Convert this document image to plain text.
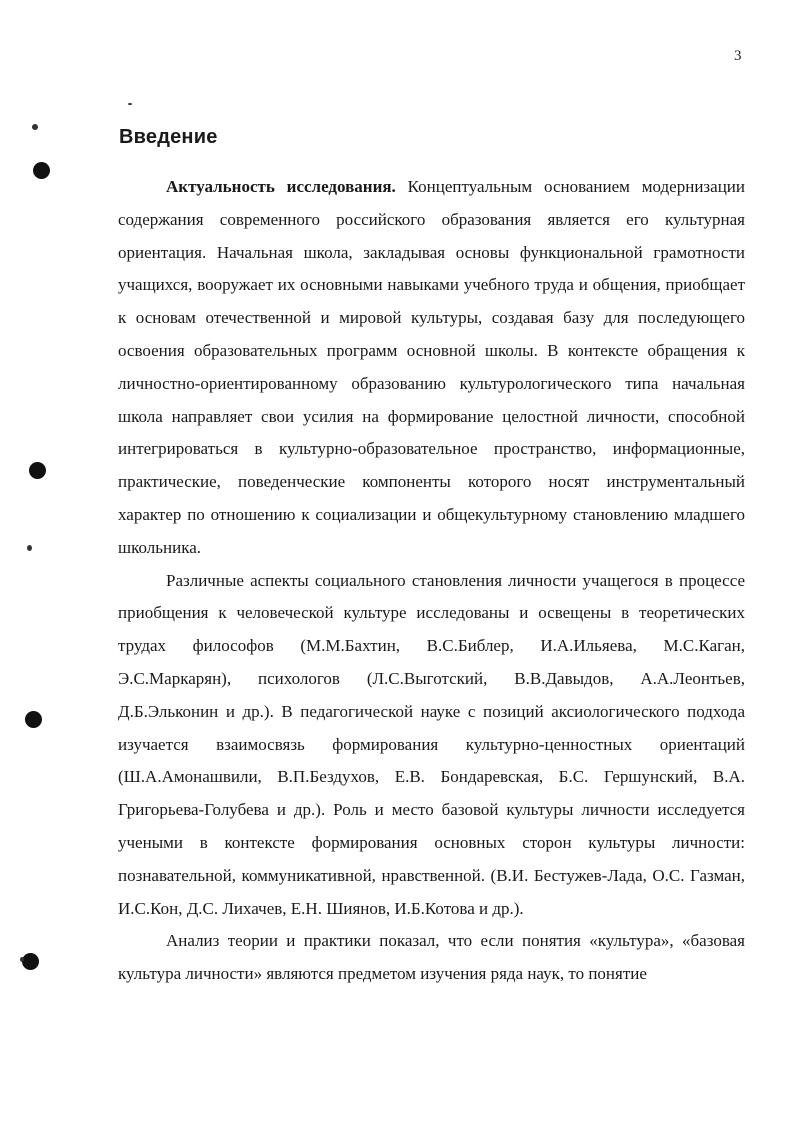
3
Введение

Актуальность исследования. Концептуальным основанием модернизации содержания современного российского образования является его культурная ориентация. Начальная школа, закладывая основы функциональной грамотности учащихся, вооружает их основными навыками учебного труда и общения, приобщает к основам отечественной и мировой культуры, создавая базу для последующего освоения образовательных программ основной школы. В контексте обращения к личностно-ориентированному образованию культурологического типа начальная школа направляет свои усилия на формирование целостной личности, способной интегрироваться в культурно-образовательное пространство, информационные, практические, поведенческие компоненты которого носят инструментальный характер по отношению к социализации и общекультурному становлению младшего школьника.

Различные аспекты социального становления личности учащегося в процессе приобщения к человеческой культуре исследованы и освещены в теоретических трудах философов (М.М.Бахтин, В.С.Библер, И.А.Ильяева, М.С.Каган, Э.С.Маркарян), психологов (Л.С.Выготский, В.В.Давыдов, А.А.Леонтьев, Д.Б.Эльконин и др.). В педагогической науке с позиций аксиологического подхода изучается взаимосвязь формирования культурно-ценностных ориентаций (Ш.А.Амонашвили, В.П.Бездухов, Е.В. Бондаревская, Б.С. Гершунский, В.А. Григорьева-Голубева и др.). Роль и место базовой культуры личности исследуется учеными в контексте формирования основных сторон культуры личности: познавательной, коммуникативной, нравственной. (В.И. Бестужев-Лада, О.С. Газман, И.С.Кон, Д.С. Лихачев, Е.Н. Шиянов, И.Б.Котова и др.).

Анализ теории и практики показал, что если понятия «культура», «базовая культура личности» являются предметом изучения ряда наук, то понятие
